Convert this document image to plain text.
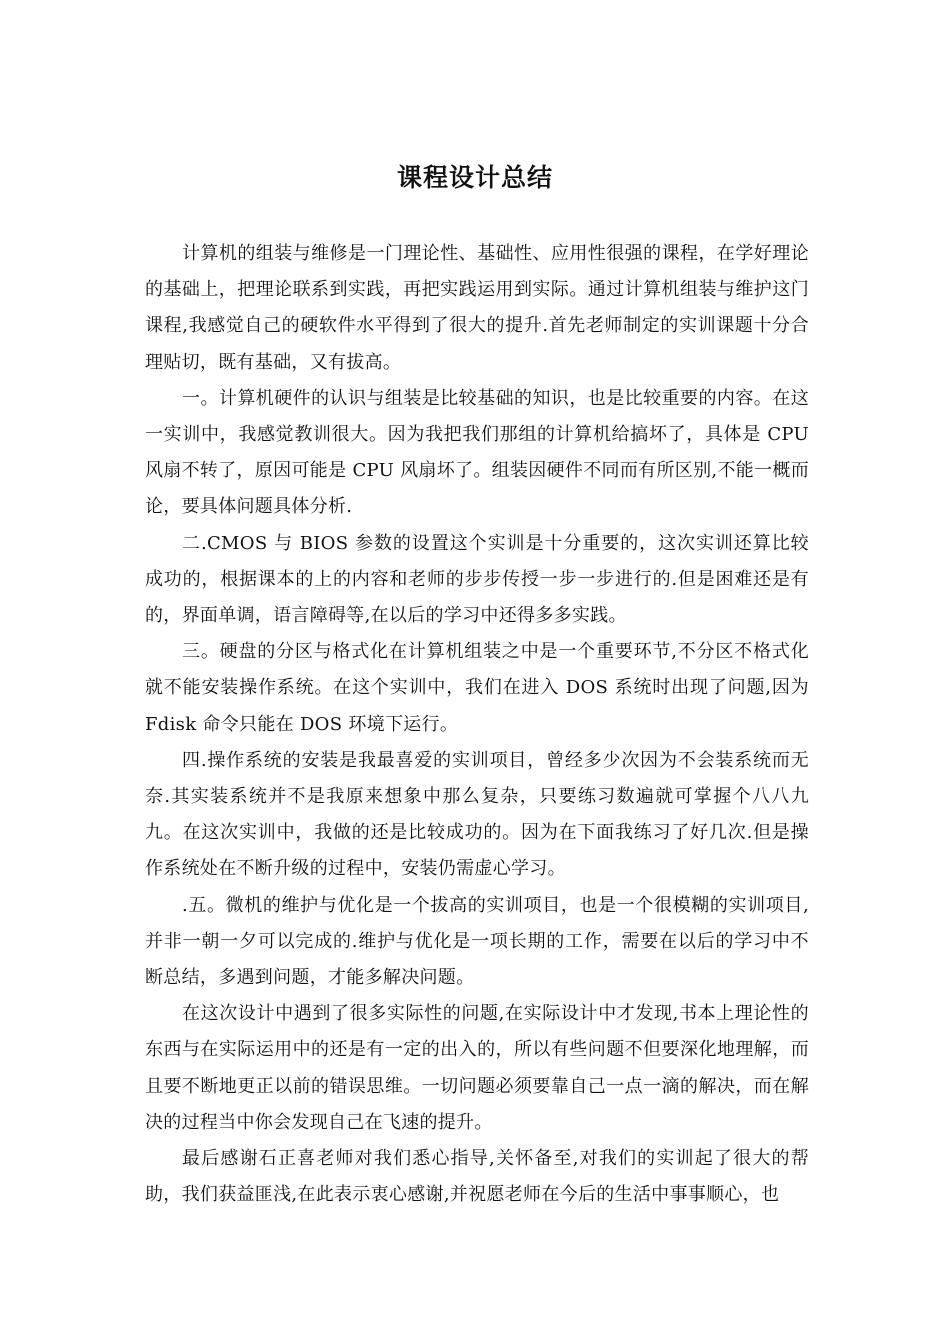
课程设计总结

计算机的组装与维修是一门理论性、基础性、应用性很强的课程，在学好理论的基础上，把理论联系到实践，再把实践运用到实际。通过计算机组装与维护这门课程,我感觉自己的硬软件水平得到了很大的提升.首先老师制定的实训课题十分合理贴切，既有基础，又有拔高。

一。计算机硬件的认识与组装是比较基础的知识，也是比较重要的内容。在这一实训中，我感觉教训很大。因为我把我们那组的计算机给搞坏了，具体是 CPU 风扇不转了，原因可能是 CPU 风扇坏了。组装因硬件不同而有所区别,不能一概而论，要具体问题具体分析.

二.CMOS 与 BIOS 参数的设置这个实训是十分重要的，这次实训还算比较成功的，根据课本的上的内容和老师的步步传授一步一步进行的.但是困难还是有的，界面单调，语言障碍等,在以后的学习中还得多多实践。

三。硬盘的分区与格式化在计算机组装之中是一个重要环节,不分区不格式化就不能安装操作系统。在这个实训中，我们在进入 DOS 系统时出现了问题,因为 Fdisk 命令只能在 DOS 环境下运行。

四.操作系统的安装是我最喜爱的实训项目，曾经多少次因为不会装系统而无奈.其实装系统并不是我原来想象中那么复杂，只要练习数遍就可掌握个八八九九。在这次实训中，我做的还是比较成功的。因为在下面我练习了好几次.但是操作系统处在不断升级的过程中，安装仍需虚心学习。

.五。微机的维护与优化是一个拔高的实训项目，也是一个很模糊的实训项目,并非一朝一夕可以完成的.维护与优化是一项长期的工作，需要在以后的学习中不断总结，多遇到问题，才能多解决问题。

在这次设计中遇到了很多实际性的问题,在实际设计中才发现,书本上理论性的东西与在实际运用中的还是有一定的出入的，所以有些问题不但要深化地理解，而且要不断地更正以前的错误思维。一切问题必须要靠自己一点一滴的解决，而在解决的过程当中你会发现自己在飞速的提升。

最后感谢石正喜老师对我们悉心指导,关怀备至,对我们的实训起了很大的帮助，我们获益匪浅,在此表示衷心感谢,并祝愿老师在今后的生活中事事顺心，也
